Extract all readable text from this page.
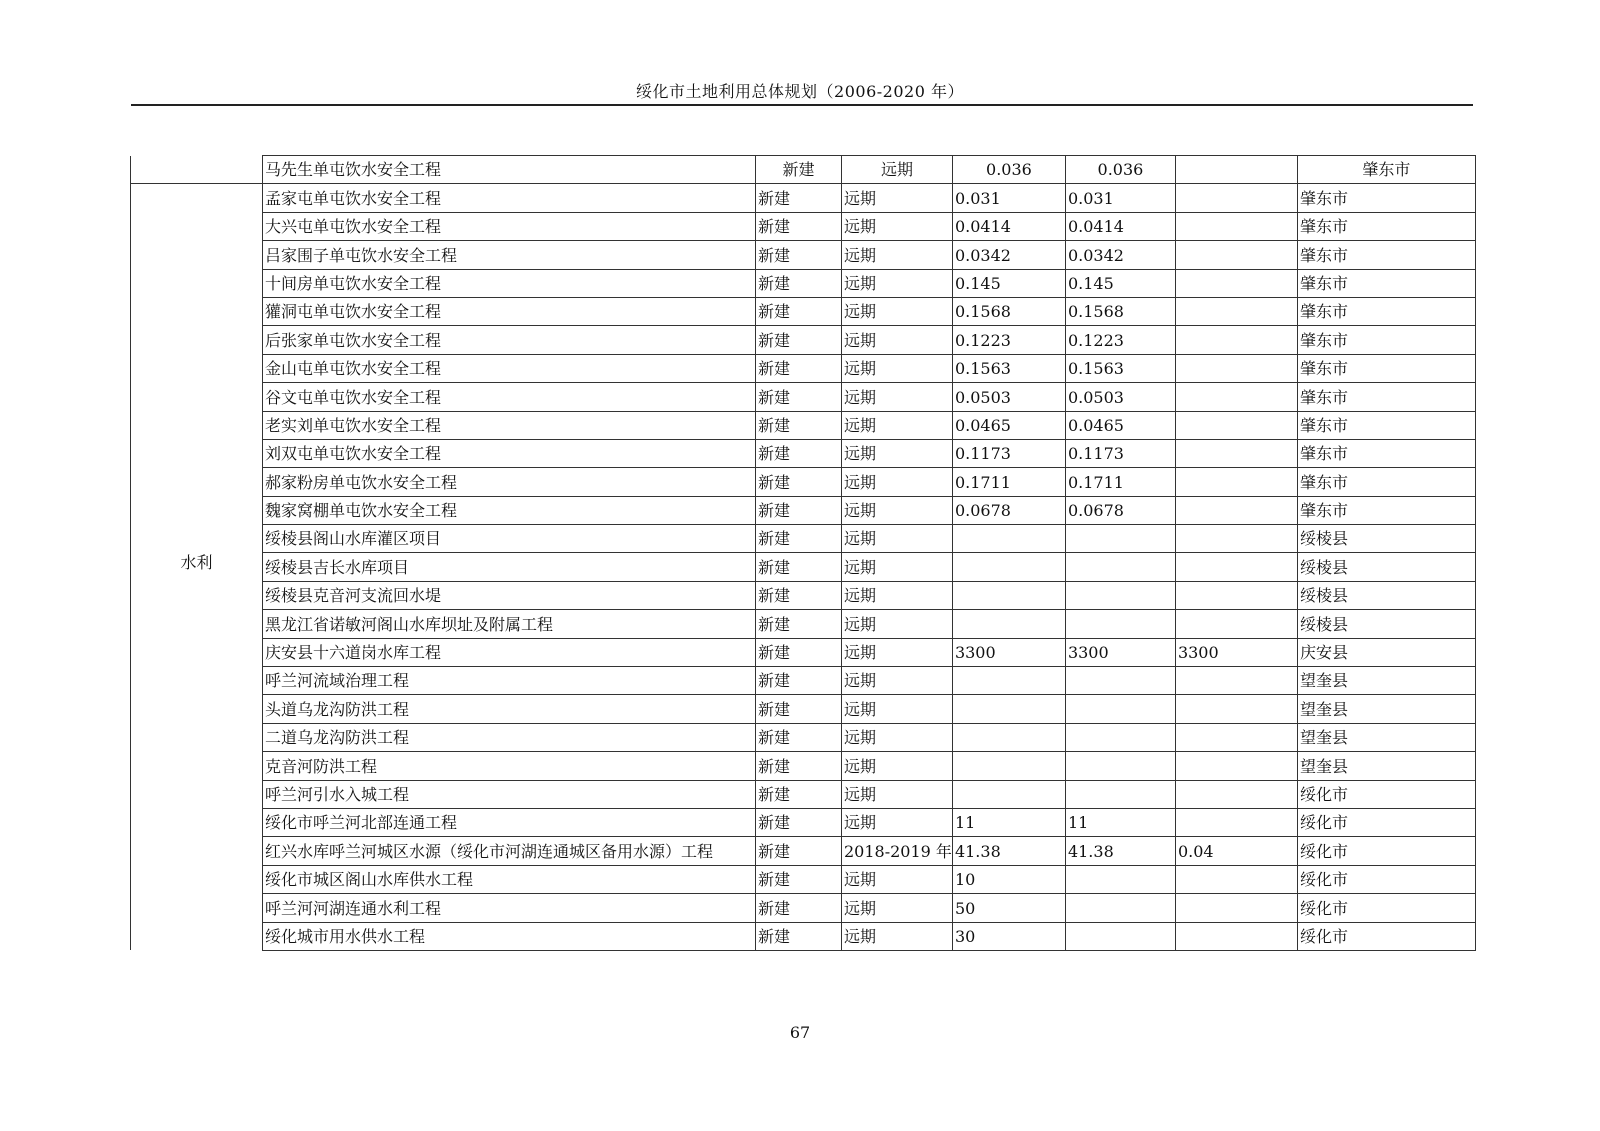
绥化市土地利用总体规划（2006-2020 年）
	马先生单屯饮水安全工程	新建	远期	0.036	0.036		肇东市
水利	孟家屯单屯饮水安全工程	新建	远期	0.031	0.031		肇东市
	大兴屯单屯饮水安全工程	新建	远期	0.0414	0.0414		肇东市
	吕家围子单屯饮水安全工程	新建	远期	0.0342	0.0342		肇东市
	十间房单屯饮水安全工程	新建	远期	0.145	0.145		肇东市
	獾洞屯单屯饮水安全工程	新建	远期	0.1568	0.1568		肇东市
	后张家单屯饮水安全工程	新建	远期	0.1223	0.1223		肇东市
	金山屯单屯饮水安全工程	新建	远期	0.1563	0.1563		肇东市
	谷文屯单屯饮水安全工程	新建	远期	0.0503	0.0503		肇东市
	老实刘单屯饮水安全工程	新建	远期	0.0465	0.0465		肇东市
	刘双屯单屯饮水安全工程	新建	远期	0.1173	0.1173		肇东市
	郝家粉房单屯饮水安全工程	新建	远期	0.1711	0.1711		肇东市
	魏家窝棚单屯饮水安全工程	新建	远期	0.0678	0.0678		肇东市
	绥棱县阁山水库灌区项目	新建	远期				绥棱县
	绥棱县吉长水库项目	新建	远期				绥棱县
	绥棱县克音河支流回水堤	新建	远期				绥棱县
	黑龙江省诺敏河阁山水库坝址及附属工程	新建	远期				绥棱县
	庆安县十六道岗水库工程	新建	远期	3300	3300	3300	庆安县
	呼兰河流域治理工程	新建	远期				望奎县
	头道乌龙沟防洪工程	新建	远期				望奎县
	二道乌龙沟防洪工程	新建	远期				望奎县
	克音河防洪工程	新建	远期				望奎县
	呼兰河引水入城工程	新建	远期				绥化市
	绥化市呼兰河北部连通工程	新建	远期	11	11		绥化市
	红兴水库呼兰河城区水源（绥化市河湖连通城区备用水源）工程	新建	2018-2019 年	41.38	41.38	0.04	绥化市
	绥化市城区阁山水库供水工程	新建	远期	10			绥化市
	呼兰河河湖连通水利工程	新建	远期	50			绥化市
	绥化城市用水供水工程	新建	远期	30			绥化市
67
